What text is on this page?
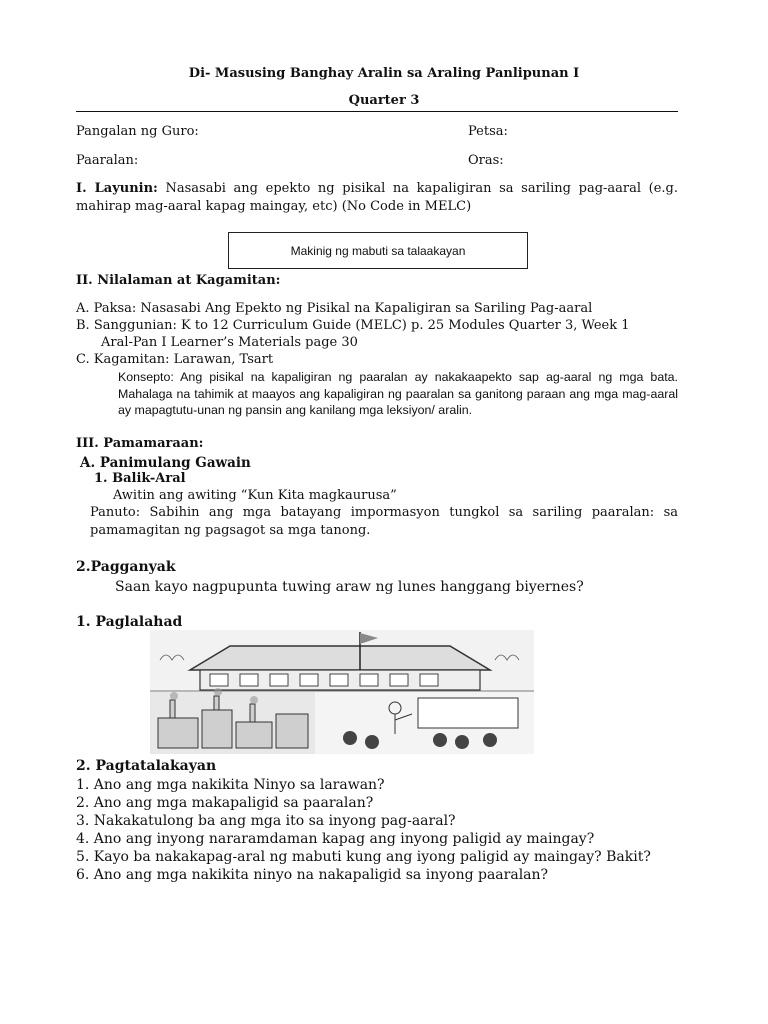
Di- Masusing Banghay Aralin sa Araling Panlipunan I
Quarter 3
Pangalan ng Guro:	Petsa:
Paaralan:	Oras:
I. Layunin: Nasasabi ang epekto ng pisikal na kapaligiran sa sariling pag-aaral (e.g. mahirap mag-aaral kapag maingay, etc) (No Code in MELC)
Makinig ng mabuti sa talaakayan
II. Nilalaman at Kagamitan:
A. Paksa: Nasasabi Ang Epekto ng Pisikal na Kapaligiran sa Sariling Pag-aaral
B. Sanggunian: K to 12 Curriculum Guide (MELC) p. 25 Modules Quarter 3, Week 1
Aral-Pan I Learner’s Materials page 30
C. Kagamitan: Larawan, Tsart
Konsepto: Ang pisikal na kapaligiran ng paaralan ay nakakaapekto sap ag-aaral ng mga bata. Mahalaga na tahimik at maayos ang kapaligiran ng paaralan sa ganitong paraan ang mga mag-aaral ay mapagtutu-unan ng pansin ang kanilang mga leksiyon/ aralin.
III. Pamamaraan:
A. Panimulang Gawain
1. Balik-Aral
Awitin ang awiting “Kun Kita magkaurusa”
Panuto: Sabihin ang mga batayang impormasyon tungkol sa sariling paaralan: sa pamamagitan ng pagsagot sa mga tanong.
2.Pagganyak
Saan kayo nagpupunta tuwing araw ng lunes hanggang biyernes?
1. Paglalahad
2. Pagtatalakayan
1. Ano ang mga nakikita Ninyo sa larawan?
2. Ano ang mga makapaligid sa paaralan?
3. Nakakatulong ba ang mga ito sa inyong pag-aaral?
4. Ano ang inyong nararamdaman kapag ang inyong paligid ay maingay?
5. Kayo ba nakakapag-aral ng mabuti kung ang iyong paligid ay maingay? Bakit?
6. Ano ang mga nakikita ninyo na nakapaligid sa inyong paaralan?
